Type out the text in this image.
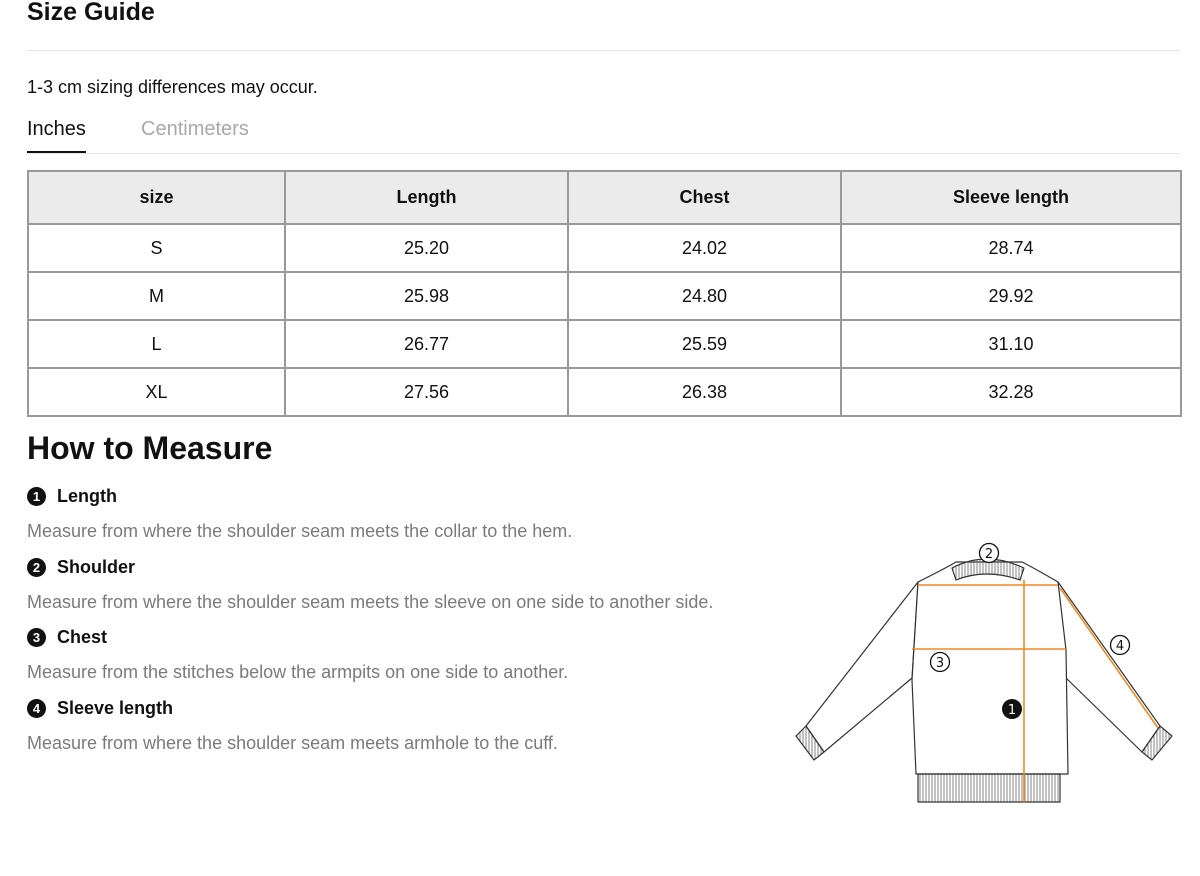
Size Guide
1-3 cm sizing differences may occur.
Inches	Centimeters
size	Length	Chest	Sleeve length
S	25.20	24.02	28.74
M	25.98	24.80	29.92
L	26.77	25.59	31.10
XL	27.56	26.38	32.28
How to Measure
1 Length
Measure from where the shoulder seam meets the collar to the hem.
2 Shoulder
Measure from where the shoulder seam meets the sleeve on one side to another side.
3 Chest
Measure from the stitches below the armpits on one side to another.
4 Sleeve length
Measure from where the shoulder seam meets armhole to the cuff.
2
3
1
4
